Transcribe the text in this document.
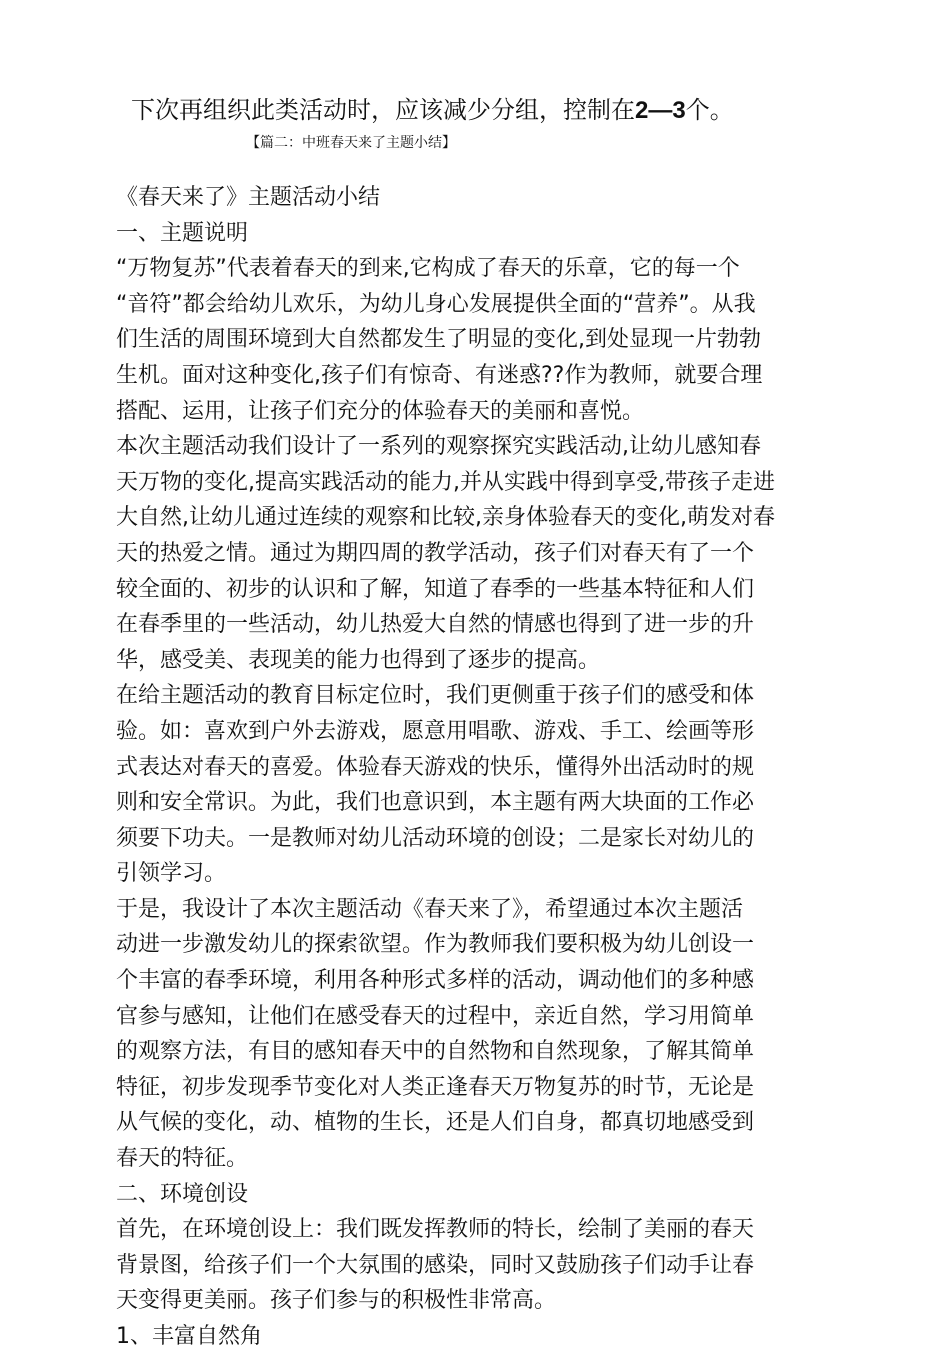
下次再组织此类活动时，应该减少分组，控制在2—3个。
【篇二：中班春天来了主题小结】
《春天来了》主题活动小结
一、主题说明
“万物复苏”代表着春天的到来,它构成了春天的乐章，它的每一个
“音符”都会给幼儿欢乐，为幼儿身心发展提供全面的“营养”。从我
们生活的周围环境到大自然都发生了明显的变化,到处显现一片勃勃
生机。面对这种变化,孩子们有惊奇、有迷惑??作为教师，就要合理
搭配、运用，让孩子们充分的体验春天的美丽和喜悦。
本次主题活动我们设计了一系列的观察探究实践活动,让幼儿感知春
天万物的变化,提高实践活动的能力,并从实践中得到享受,带孩子走进
大自然,让幼儿通过连续的观察和比较,亲身体验春天的变化,萌发对春
天的热爱之情。通过为期四周的教学活动，孩子们对春天有了一个
较全面的、初步的认识和了解，知道了春季的一些基本特征和人们
在春季里的一些活动，幼儿热爱大自然的情感也得到了进一步的升
华，感受美、表现美的能力也得到了逐步的提高。
在给主题活动的教育目标定位时，我们更侧重于孩子们的感受和体
验。如：喜欢到户外去游戏，愿意用唱歌、游戏、手工、绘画等形
式表达对春天的喜爱。体验春天游戏的快乐，懂得外出活动时的规
则和安全常识。为此，我们也意识到，本主题有两大块面的工作必
须要下功夫。一是教师对幼儿活动环境的创设；二是家长对幼儿的
引领学习。
于是，我设计了本次主题活动《春天来了》，希望通过本次主题活
动进一步激发幼儿的探索欲望。作为教师我们要积极为幼儿创设一
个丰富的春季环境，利用各种形式多样的活动，调动他们的多种感
官参与感知，让他们在感受春天的过程中，亲近自然，学习用简单
的观察方法，有目的感知春天中的自然物和自然现象，了解其简单
特征，初步发现季节变化对人类正逢春天万物复苏的时节，无论是
从气候的变化，动、植物的生长，还是人们自身，都真切地感受到
春天的特征。
二、环境创设
首先，在环境创设上：我们既发挥教师的特长，绘制了美丽的春天
背景图，给孩子们一个大氛围的感染，同时又鼓励孩子们动手让春
天变得更美丽。孩子们参与的积极性非常高。
1、丰富自然角
